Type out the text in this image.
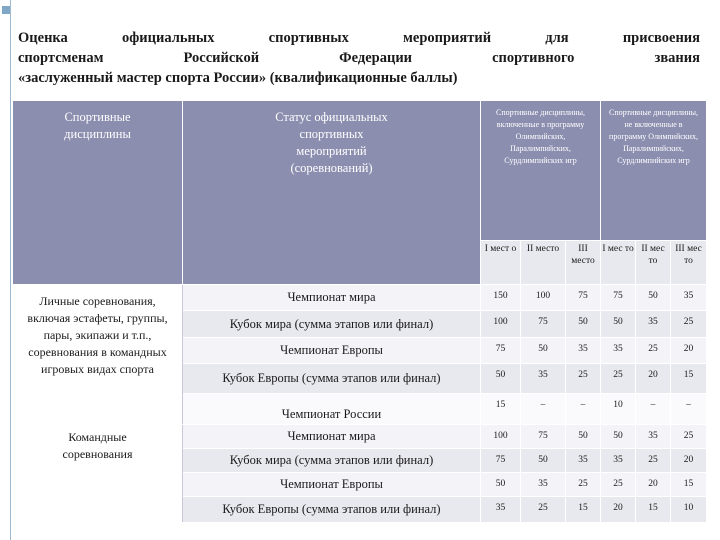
Оценка официальных спортивных мероприятий для присвоения
спортсменам Российской Федерации спортивного звания
«заслуженный мастер спорта России» (квалификационные баллы)
Спортивные дисциплины	Статус официальных спортивных мероприятий (соревнований)	Спортивные дисциплины, включенные в программу Олимпийских, Паралимпийских, Сурдлимпийских игр			Спортивные дисциплины, не включенные в программу Олимпийских, Паралимпийских, Сурдлимпийских игр		
		I мест о	II место	III место	I мес то	II мес то	III мес то
Личные соревнования, включая эстафеты, группы, пары, экипажи и т.п., соревнования в командных игровых видах спорта	Чемпионат мира	150	100	75	75	50	35
	Кубок мира (сумма этапов или финал)	100	75	50	50	35	25
	Чемпионат Европы	75	50	35	35	25	20
	Кубок Европы (сумма этапов или финал)	50	35	25	25	20	15
	Чемпионат России	15	–	–	10	–	–
Командные соревнования	Чемпионат мира	100	75	50	50	35	25
	Кубок мира (сумма этапов или финал)	75	50	35	35	25	20
	Чемпионат Европы	50	35	25	25	20	15
	Кубок Европы (сумма этапов или финал)	35	25	15	20	15	10
